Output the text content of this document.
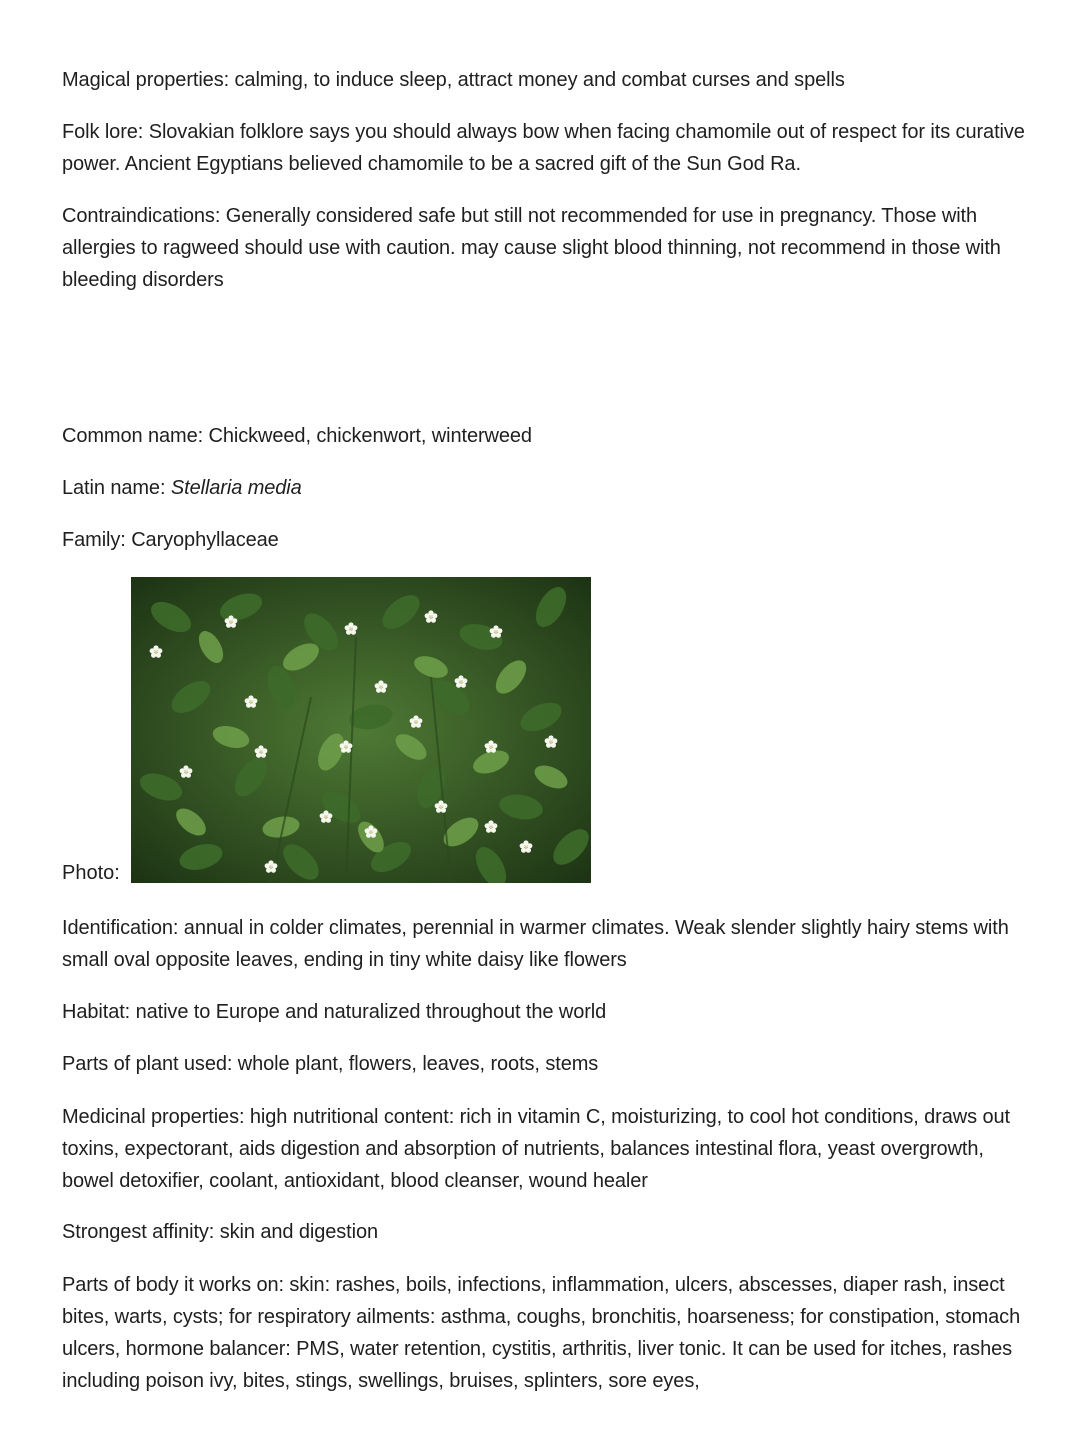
Magical properties: calming, to induce sleep, attract money and combat curses and spells

Folk lore: Slovakian folklore says you should always bow when facing chamomile out of respect for its curative power. Ancient Egyptians believed chamomile to be a sacred gift of the Sun God Ra.

Contraindications: Generally considered safe but still not recommended for use in pregnancy. Those with allergies to ragweed should use with caution. may cause slight blood thinning, not recommend in those with bleeding disorders

Common name: Chickweed, chickenwort, winterweed

Latin name: Stellaria media

Family: Caryophyllaceae

Photo:

Identification: annual in colder climates, perennial in warmer climates. Weak slender slightly hairy stems with small oval opposite leaves, ending in tiny white daisy like flowers

Habitat: native to Europe and naturalized throughout the world

Parts of plant used: whole plant, flowers, leaves, roots, stems

Medicinal properties: high nutritional content: rich in vitamin C, moisturizing, to cool hot conditions, draws out toxins, expectorant, aids digestion and absorption of nutrients, balances intestinal flora, yeast overgrowth, bowel detoxifier, coolant, antioxidant, blood cleanser, wound healer

Strongest affinity: skin and digestion

Parts of body it works on: skin: rashes, boils, infections, inflammation, ulcers, abscesses, diaper rash, insect bites, warts, cysts; for respiratory ailments: asthma, coughs, bronchitis, hoarseness; for constipation, stomach ulcers, hormone balancer: PMS, water retention, cystitis, arthritis, liver tonic. It can be used for itches, rashes including poison ivy, bites, stings, swellings, bruises, splinters, sore eyes,
